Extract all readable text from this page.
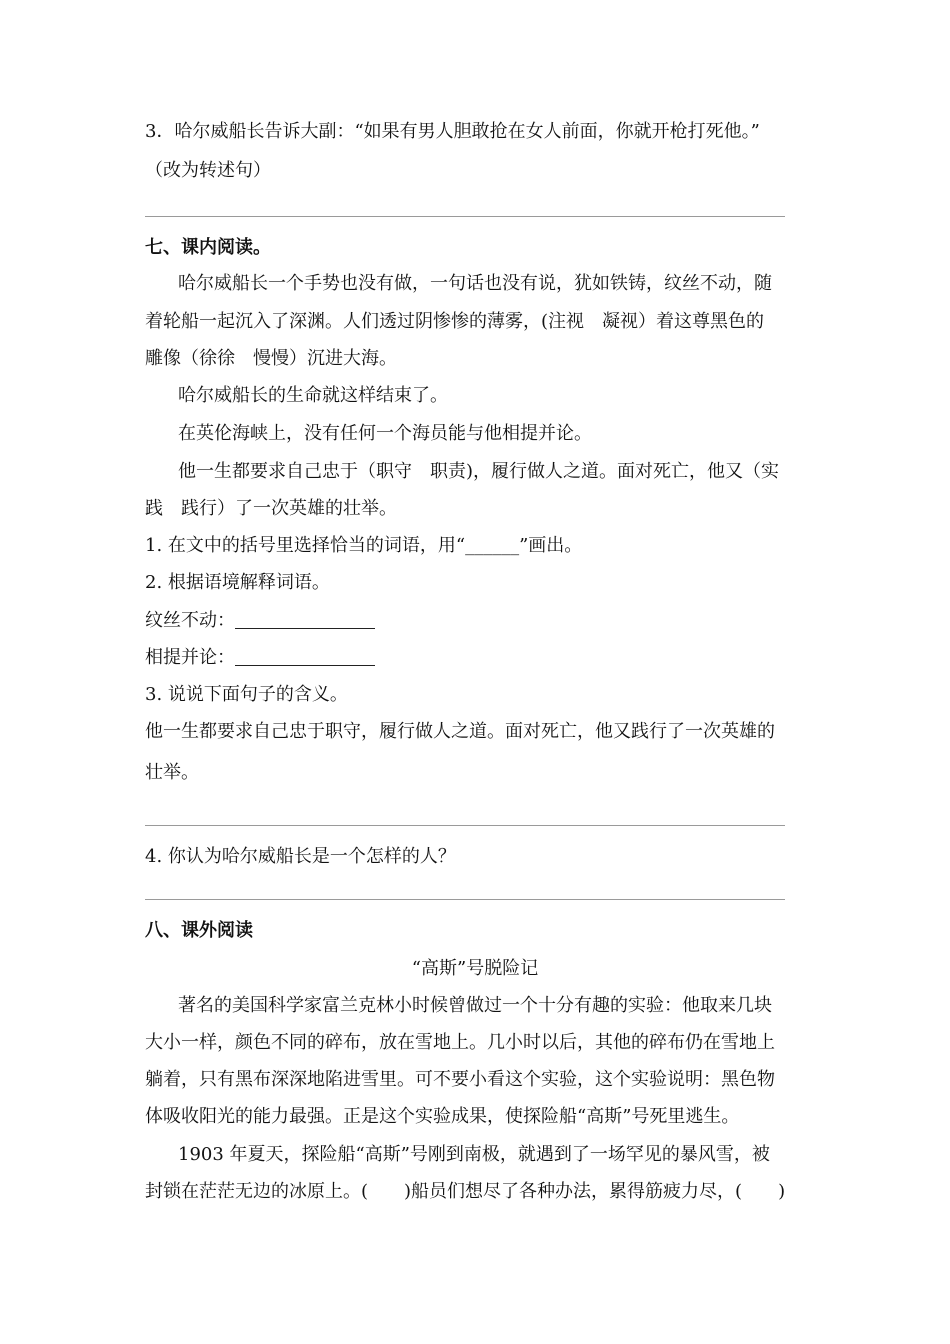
3．哈尔威船长告诉大副：“如果有男人胆敢抢在女人前面，你就开枪打死他。”
（改为转述句）
七、课内阅读。
哈尔威船长一个手势也没有做，一句话也没有说，犹如铁铸，纹丝不动，随
着轮船一起沉入了深渊。人们透过阴惨惨的薄雾，(注视　凝视）着这尊黑色的
雕像（徐徐　慢慢）沉进大海。
哈尔威船长的生命就这样结束了。
在英伦海峡上，没有任何一个海员能与他相提并论。
他一生都要求自己忠于（职守　职责)，履行做人之道。面对死亡，他又（实
践　践行）了一次英雄的壮举。
1. 在文中的括号里选择恰当的词语，用“______”画出。
2. 根据语境解释词语。
纹丝不动：
相提并论：
3. 说说下面句子的含义。
他一生都要求自己忠于职守，履行做人之道。面对死亡，他又践行了一次英雄的
壮举。
4. 你认为哈尔威船长是一个怎样的人？
八、课外阅读
“高斯”号脱险记
著名的美国科学家富兰克林小时候曾做过一个十分有趣的实验：他取来几块
大小一样，颜色不同的碎布，放在雪地上。几小时以后，其他的碎布仍在雪地上
躺着，只有黑布深深地陷进雪里。可不要小看这个实验，这个实验说明：黑色物
体吸收阳光的能力最强。正是这个实验成果，使探险船“高斯”号死里逃生。
1903 年夏天，探险船“高斯”号刚到南极，就遇到了一场罕见的暴风雪，被
封锁在茫茫无边的冰原上。(　　)船员们想尽了各种办法，累得筋疲力尽，(　　)
